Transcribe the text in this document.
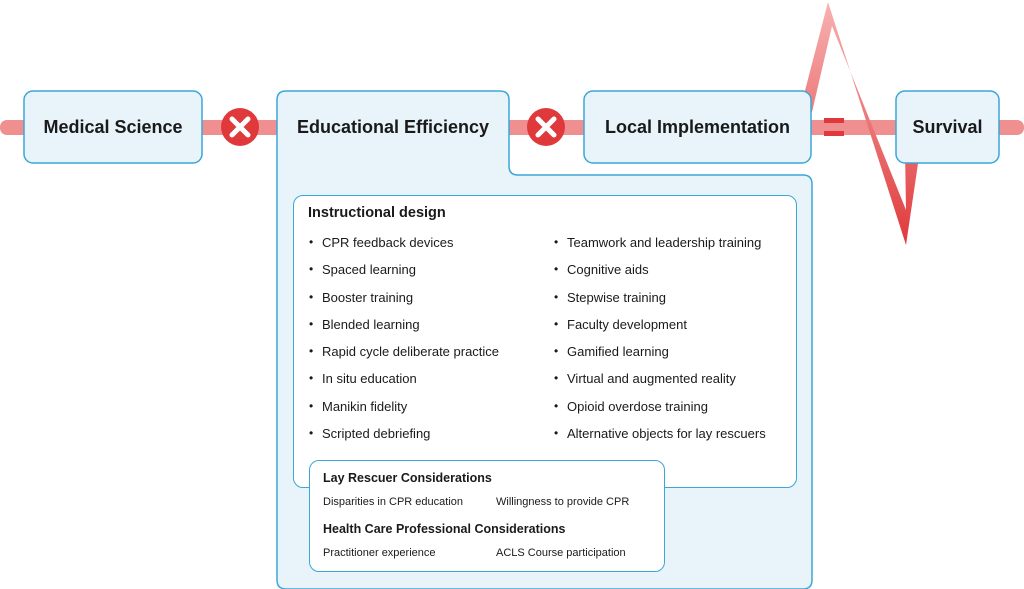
Medical Science	Educational Efficiency	Local Implementation	Survival
Instructional design
• CPR feedback devices
• Spaced learning
• Booster training
• Blended learning
• Rapid cycle deliberate practice
• In situ education
• Manikin fidelity
• Scripted debriefing
• Teamwork and leadership training
• Cognitive aids
• Stepwise training
• Faculty development
• Gamified learning
• Virtual and augmented reality
• Opioid overdose training
• Alternative objects for lay rescuers
Lay Rescuer Considerations
Disparities in CPR education	Willingness to provide CPR
Health Care Professional Considerations
Practitioner experience	ACLS Course participation
